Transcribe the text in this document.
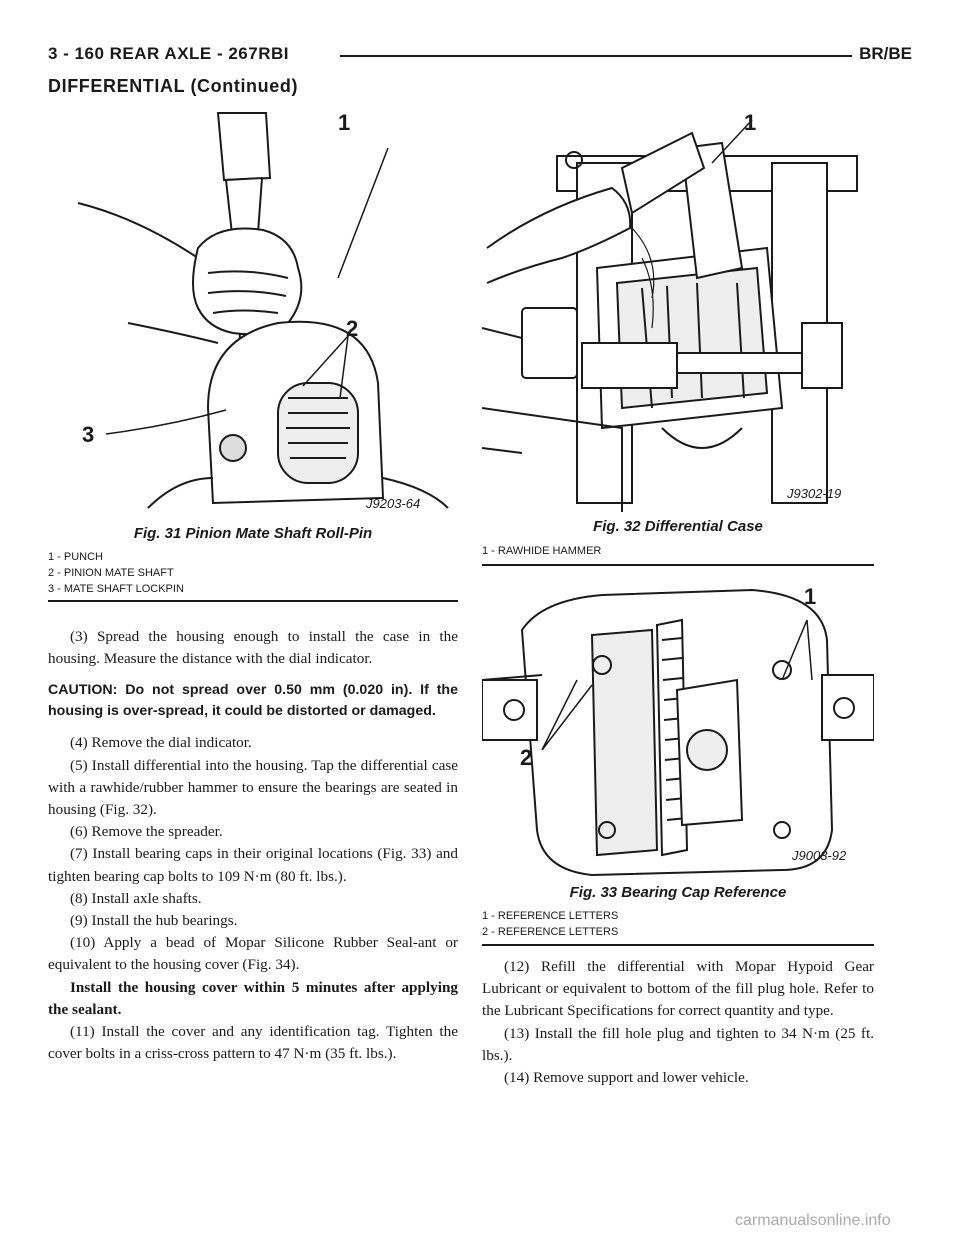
3 - 160 REAR AXLE - 267RBI	BR/BE
DIFFERENTIAL (Continued)
1
2
3
J9203-64
Fig. 31 Pinion Mate Shaft Roll-Pin
1 - PUNCH
2 - PINION MATE SHAFT
3 - MATE SHAFT LOCKPIN
1
J9302-19
Fig. 32 Differential Case
1 - RAWHIDE HAMMER
1
2
J9003-92
Fig. 33 Bearing Cap Reference
1 - REFERENCE LETTERS
2 - REFERENCE LETTERS

(3) Spread the housing enough to install the case in the housing. Measure the distance with the dial indicator.

CAUTION: Do not spread over 0.50 mm (0.020 in). If the housing is over-spread, it could be distorted or damaged.

(4) Remove the dial indicator.

(5) Install differential into the housing. Tap the differential case with a rawhide/rubber hammer to ensure the bearings are seated in housing (Fig. 32).

(6) Remove the spreader.

(7) Install bearing caps in their original locations (Fig. 33) and tighten bearing cap bolts to 109 N·m (80 ft. lbs.).

(8) Install axle shafts.

(9) Install the hub bearings.

(10) Apply a bead of Mopar Silicone Rubber Seal-ant or equivalent to the housing cover (Fig. 34).

Install the housing cover within 5 minutes after applying the sealant.

(11) Install the cover and any identification tag. Tighten the cover bolts in a criss-cross pattern to 47 N·m (35 ft. lbs.).

(12) Refill the differential with Mopar Hypoid Gear Lubricant or equivalent to bottom of the fill plug hole. Refer to the Lubricant Specifications for correct quantity and type.

(13) Install the fill hole plug and tighten to 34 N·m (25 ft. lbs.).

(14) Remove support and lower vehicle.

carmanualsonline.info
